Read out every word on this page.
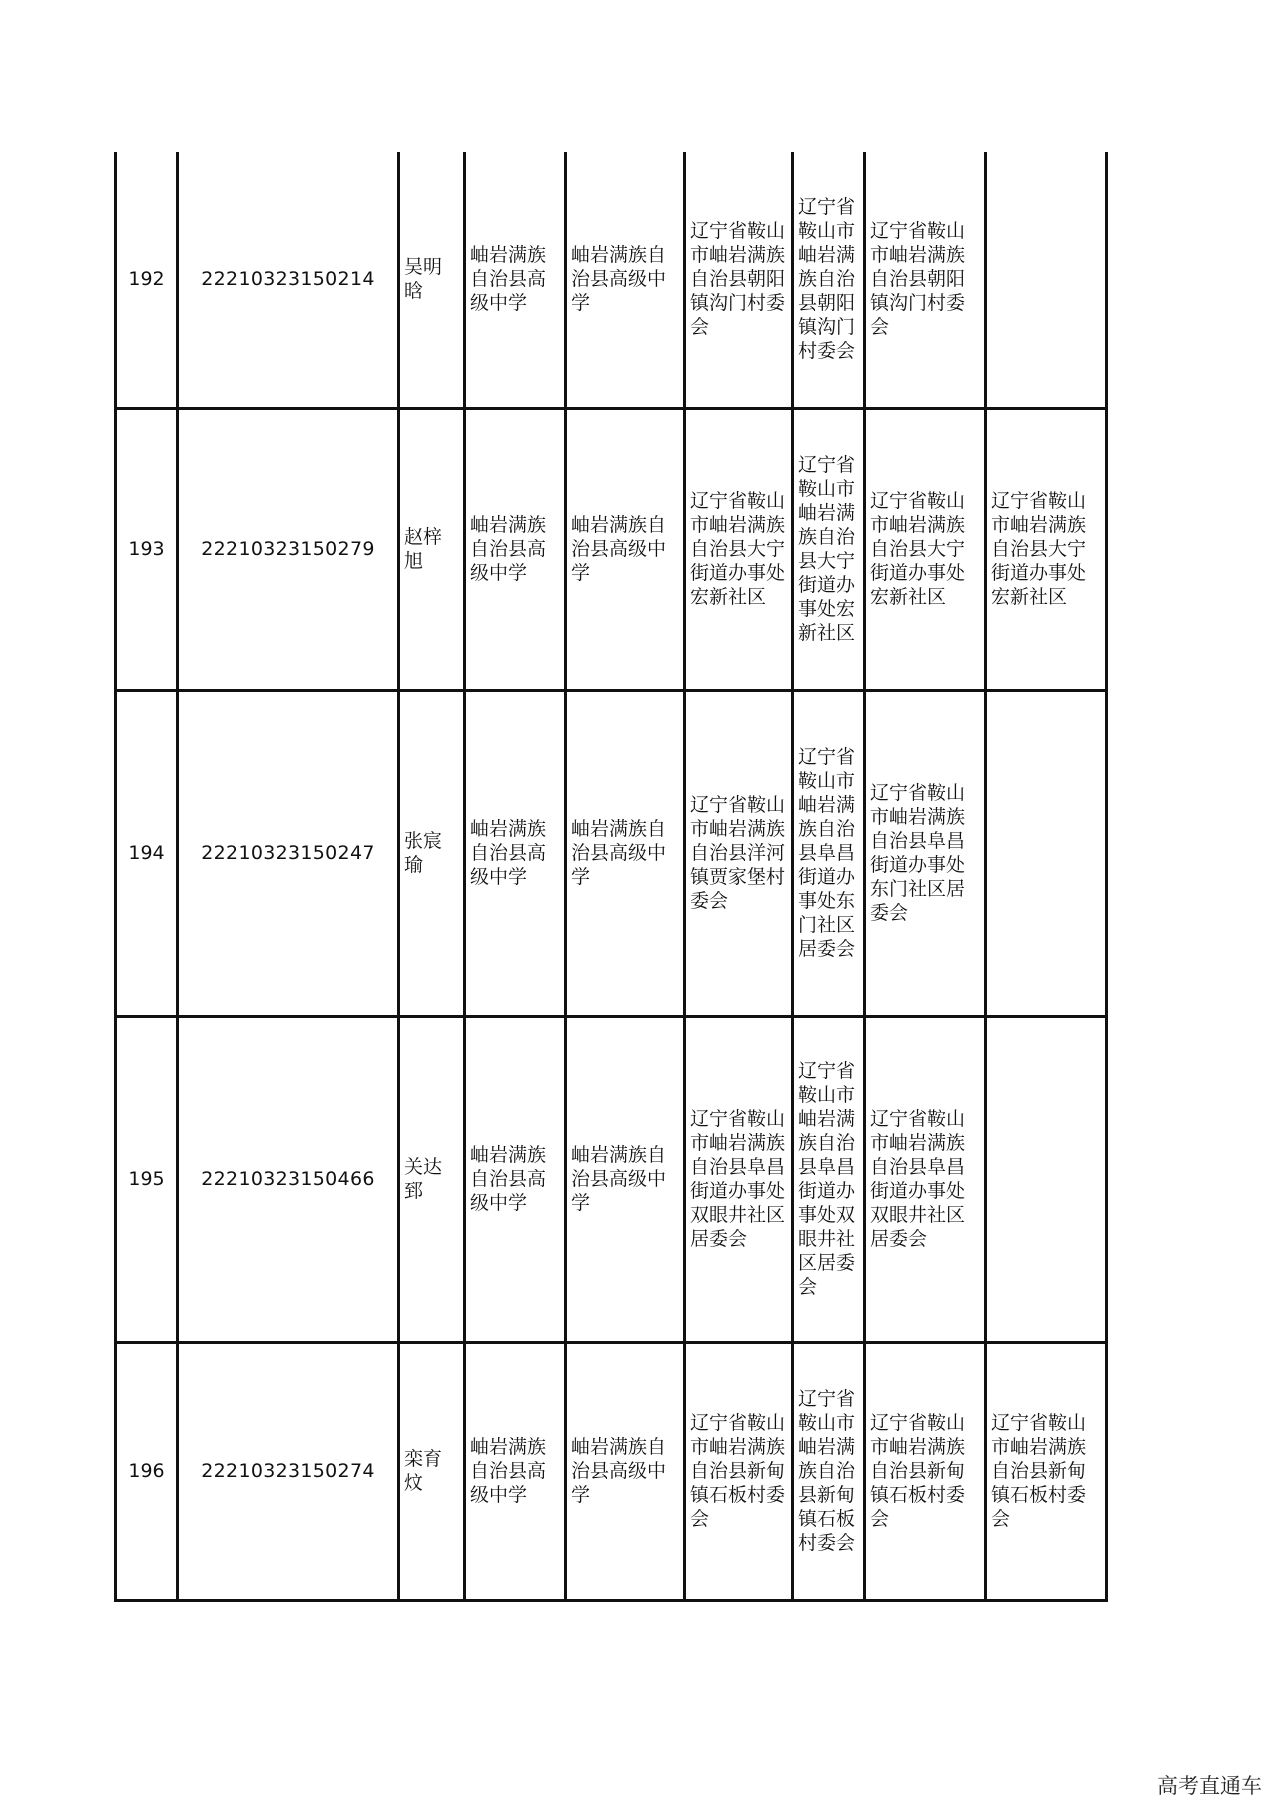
192	22210323150214	吴明晗	岫岩满族自治县高级中学	岫岩满族自治县高级中学	辽宁省鞍山市岫岩满族自治县朝阳镇沟门村委会	辽宁省鞍山市岫岩满族自治县朝阳镇沟门村委会	辽宁省鞍山市岫岩满族自治县朝阳镇沟门村委会	
193	22210323150279	赵梓旭	岫岩满族自治县高级中学	岫岩满族自治县高级中学	辽宁省鞍山市岫岩满族自治县大宁街道办事处宏新社区	辽宁省鞍山市岫岩满族自治县大宁街道办事处宏新社区	辽宁省鞍山市岫岩满族自治县大宁街道办事处宏新社区	辽宁省鞍山市岫岩满族自治县大宁街道办事处宏新社区
194	22210323150247	张宸瑜	岫岩满族自治县高级中学	岫岩满族自治县高级中学	辽宁省鞍山市岫岩满族自治县洋河镇贾家堡村委会	辽宁省鞍山市岫岩满族自治县阜昌街道办事处东门社区居委会	辽宁省鞍山市岫岩满族自治县阜昌街道办事处东门社区居委会	
195	22210323150466	关达郅	岫岩满族自治县高级中学	岫岩满族自治县高级中学	辽宁省鞍山市岫岩满族自治县阜昌街道办事处双眼井社区居委会	辽宁省鞍山市岫岩满族自治县阜昌街道办事处双眼井社区居委会	辽宁省鞍山市岫岩满族自治县阜昌街道办事处双眼井社区居委会	
196	22210323150274	栾育炆	岫岩满族自治县高级中学	岫岩满族自治县高级中学	辽宁省鞍山市岫岩满族自治县新甸镇石板村委会	辽宁省鞍山市岫岩满族自治县新甸镇石板村委会	辽宁省鞍山市岫岩满族自治县新甸镇石板村委会	辽宁省鞍山市岫岩满族自治县新甸镇石板村委会
高考直通车
